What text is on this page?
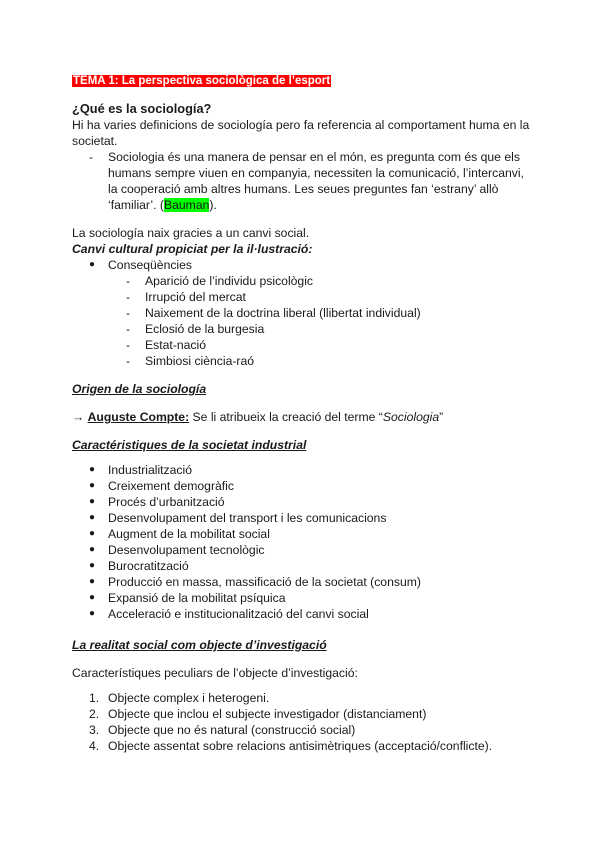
TEMA 1: La perspectiva sociològica de l’esport
¿Qué es la sociología?
Hi ha varies definicions de sociología pero fa referencia al comportament huma en la
societat.
- Sociologia és una manera de pensar en el món, es pregunta com és que els
humans sempre viuen en companyia, necessiten la comunicació, l’intercanvi,
la cooperació amb altres humans. Les seues preguntes fan ‘estrany’ allò
‘familiar’. (Bauman).
La sociología naix gracies a un canvi social.
Canvi cultural propiciat per la il·lustració:
● Conseqüències
- Aparició de l’individu psicològic
- Irrupció del mercat
- Naixement de la doctrina liberal (llibertat individual)
- Eclosió de la burgesia
- Estat-nació
- Simbiosi ciència-raó
Origen de la sociología
→ Auguste Compte: Se li atribueix la creació del terme “Sociologia”
Caractéristiques de la societat industrial
● Industrialització
● Creixement demogràfic
● Procés d’urbanització
● Desenvolupament del transport i les comunicacions
● Augment de la mobilitat social
● Desenvolupament tecnològic
● Burocratització
● Producció en massa, massificació de la societat (consum)
● Expansió de la mobilitat psíquica
● Acceleració e institucionalització del canvi social
La realitat social com objecte d’investigació
Característiques peculiars de l’objecte d’investigació:
1. Objecte complex i heterogeni.
2. Objecte que inclou el subjecte investigador (distanciament)
3. Objecte que no és natural (construcció social)
4. Objecte assentat sobre relacions antisimètriques (acceptació/conflicte).
